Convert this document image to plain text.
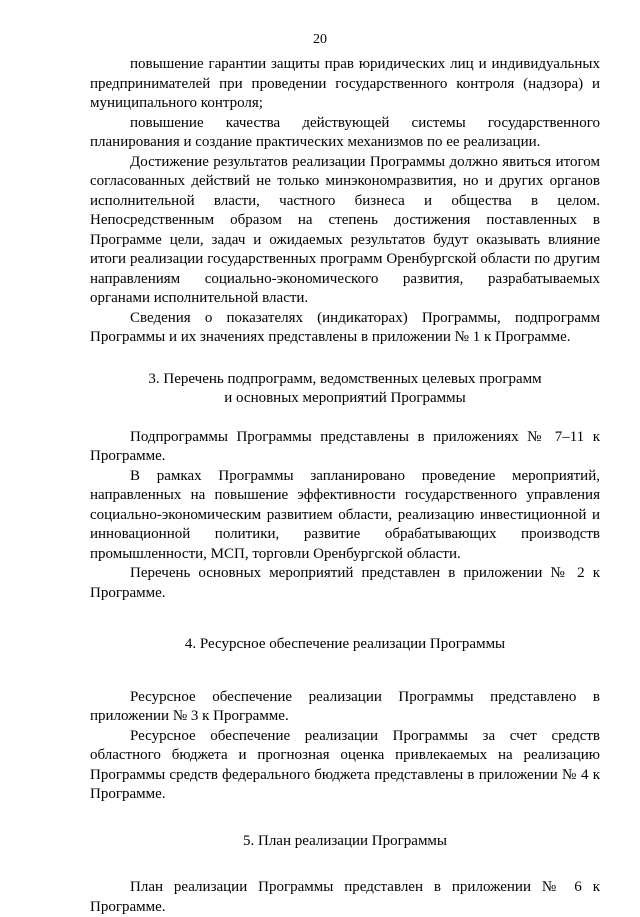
20

повышение гарантии защиты прав юридических лиц и индивидуальных предпринимателей при проведении государственного контроля (надзора) и муниципального контроля;

повышение качества действующей системы государственного планирования и создание практических механизмов по ее реализации.

Достижение результатов реализации Программы должно явиться итогом согласованных действий не только минэкономразвития, но и других органов исполнительной власти, частного бизнеса и общества в целом. Непосредственным образом на степень достижения поставленных в Программе цели, задач и ожидаемых результатов будут оказывать влияние итоги реализации государственных программ Оренбургской области по другим направлениям социально-экономического развития, разрабатываемых органами исполнительной власти.

Сведения о показателях (индикаторах) Программы, подпрограмм Программы и их значениях представлены в приложении № 1 к Программе.

3. Перечень подпрограмм, ведомственных целевых программ
и основных мероприятий Программы

Подпрограммы Программы представлены в приложениях № 7–11 к Программе.

В рамках Программы запланировано проведение мероприятий, направленных на повышение эффективности государственного управления социально-экономическим развитием области, реализацию инвестиционной и инновационной политики, развитие обрабатывающих производств промышленности, МСП, торговли Оренбургской области.

Перечень основных мероприятий представлен в приложении № 2 к Программе.

4. Ресурсное обеспечение реализации Программы

Ресурсное обеспечение реализации Программы представлено в приложении № 3 к Программе.

Ресурсное обеспечение реализации Программы за счет средств областного бюджета и прогнозная оценка привлекаемых на реализацию Программы средств федерального бюджета представлены в приложении № 4 к Программе.

5. План реализации Программы

План реализации Программы представлен в приложении № 6 к Программе.
